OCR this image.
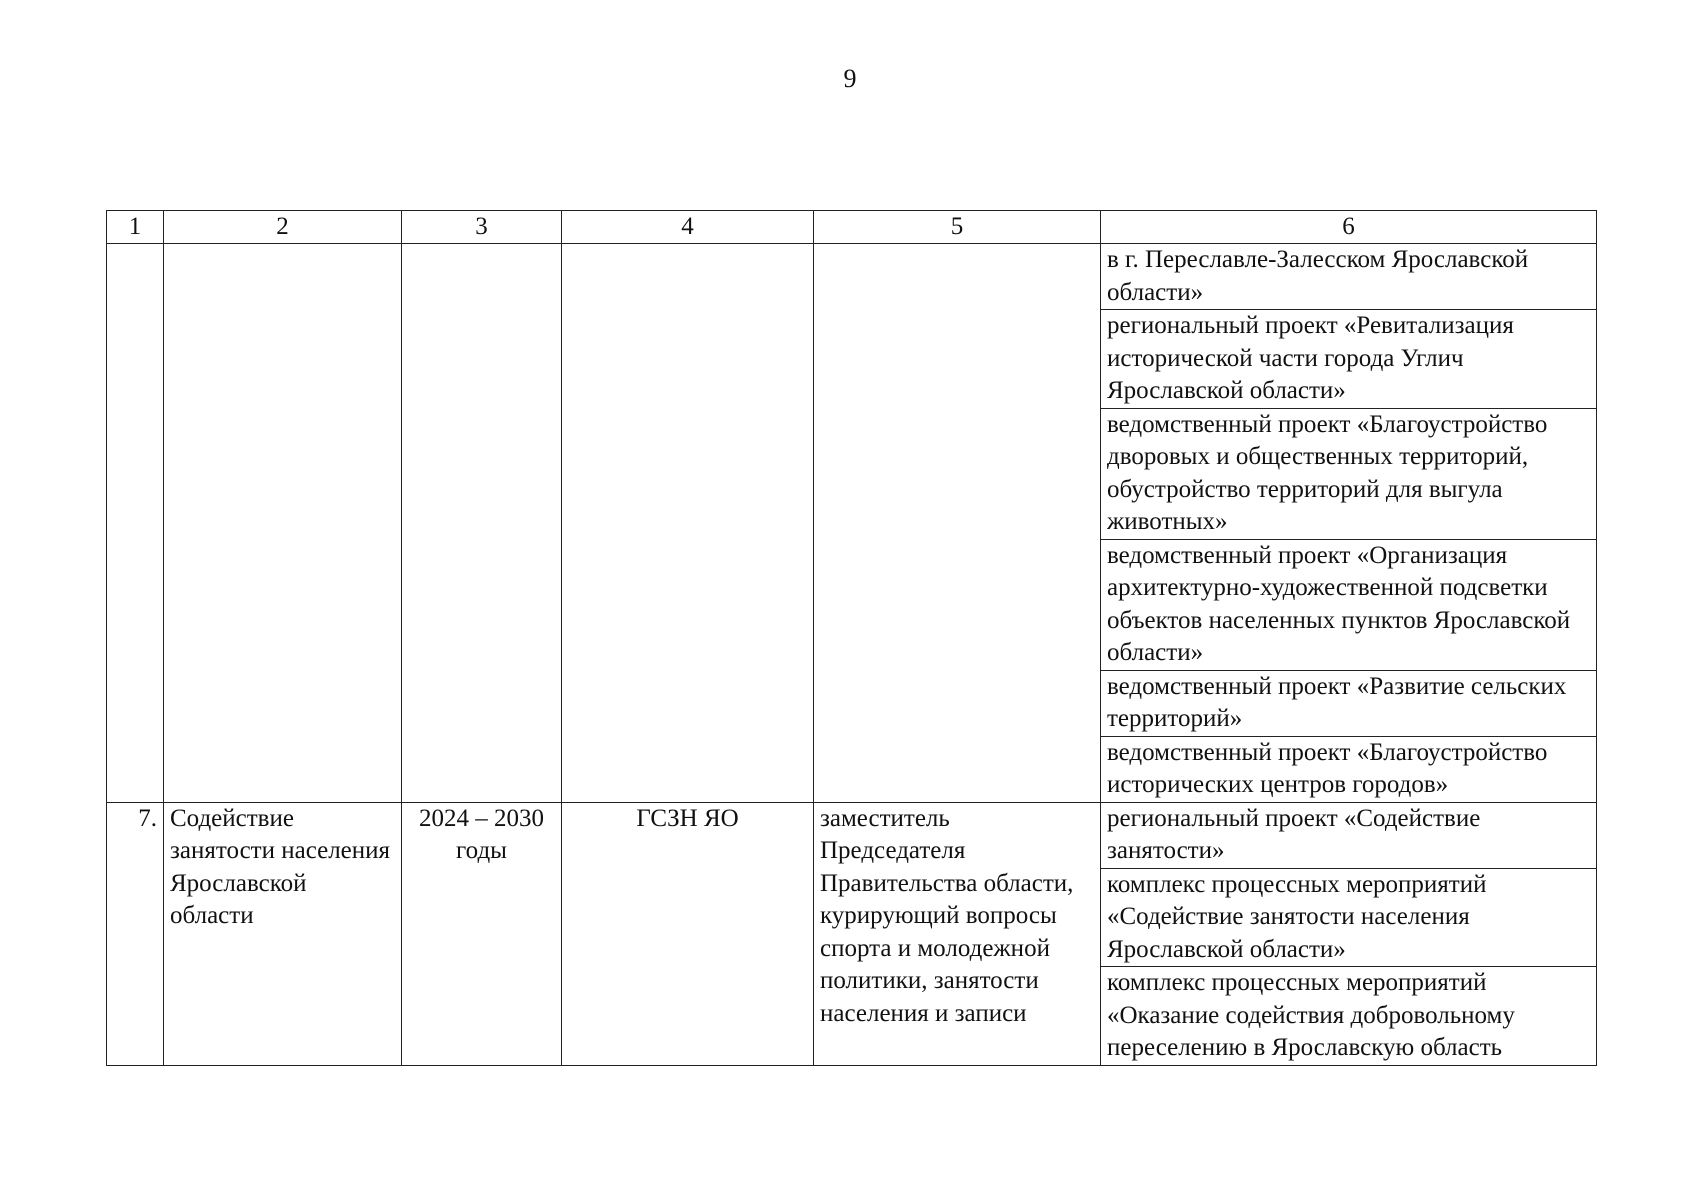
9
1	2	3	4	5	6
					в г. Переславле-Залесском Ярославской области»
					региональный проект «Ревитализация исторической части города Углич Ярославской области»
					ведомственный проект «Благоустройство дворовых и общественных территорий, обустройство территорий для выгула животных»
					ведомственный проект «Организация архитектурно-художественной подсветки объектов населенных пунктов Ярославской области»
					ведомственный проект «Развитие сельских территорий»
					ведомственный проект «Благоустройство исторических центров городов»
7.	Содействие занятости населения Ярославской области	2024 – 2030 годы	ГСЗН ЯО	заместитель Председателя Правительства области, курирующий вопросы спорта и молодежной политики, занятости населения и записи	региональный проект «Содействие занятости»
					комплекс процессных мероприятий «Содействие занятости населения Ярославской области»
					комплекс процессных мероприятий «Оказание содействия добровольному переселению в Ярославскую область
